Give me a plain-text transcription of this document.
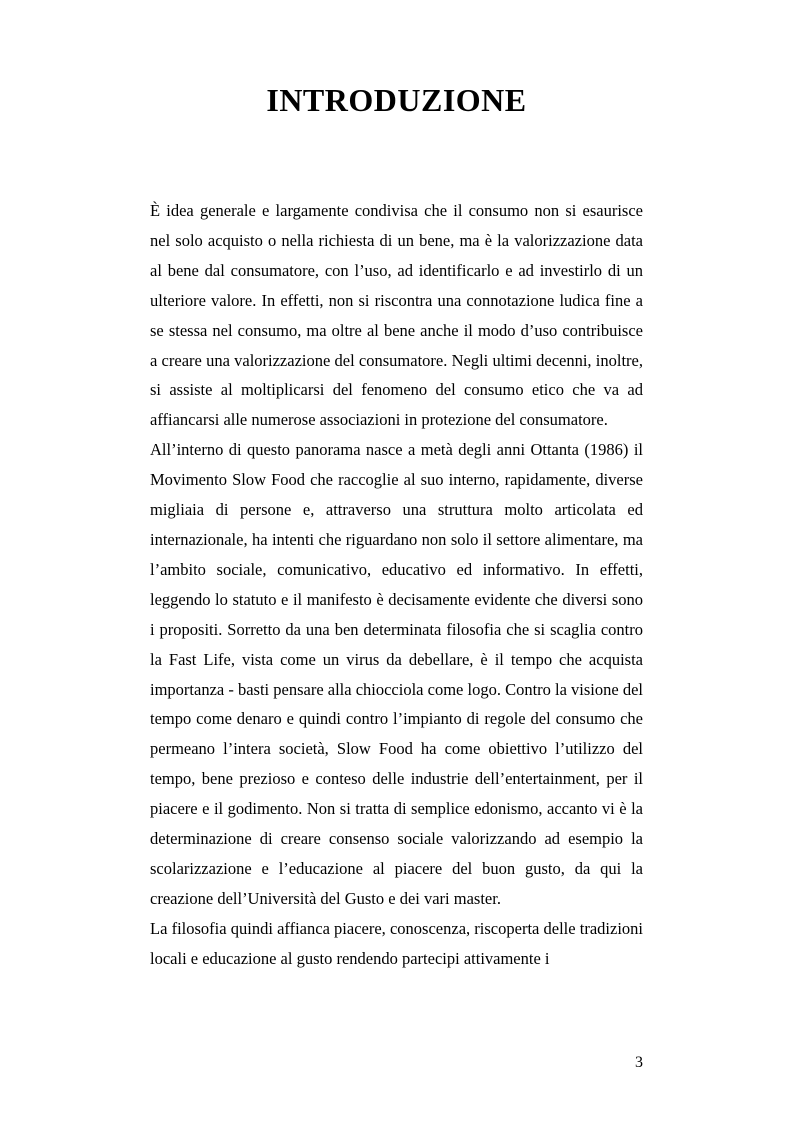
INTRODUZIONE

È idea generale e largamente condivisa che il consumo non si esaurisce nel solo acquisto o nella richiesta di un bene, ma è la valorizzazione data al bene dal consumatore, con l’uso, ad identificarlo e ad investirlo di un ulteriore valore. In effetti, non si riscontra una connotazione ludica fine a se stessa nel consumo, ma oltre al bene anche il modo d’uso contribuisce a creare una valorizzazione del consumatore. Negli ultimi decenni, inoltre, si assiste al moltiplicarsi del fenomeno del consumo etico che va ad affiancarsi alle numerose associazioni in protezione del consumatore.

All’interno di questo panorama nasce a metà degli anni Ottanta (1986) il Movimento Slow Food che raccoglie al suo interno, rapidamente, diverse migliaia di persone e, attraverso una struttura molto articolata ed internazionale, ha intenti che riguardano non solo il settore alimentare, ma l’ambito sociale, comunicativo, educativo ed informativo. In effetti, leggendo lo statuto e il manifesto è decisamente evidente che diversi sono i propositi. Sorretto da una ben determinata filosofia che si scaglia contro la Fast Life, vista come un virus da debellare, è il tempo che acquista importanza - basti pensare alla chiocciola come logo. Contro la visione del tempo come denaro e quindi contro l’impianto di regole del consumo che permeano l’intera società, Slow Food ha come obiettivo l’utilizzo del tempo, bene prezioso e conteso delle industrie dell’entertainment, per il piacere e il godimento. Non si tratta di semplice edonismo, accanto vi è la determinazione di creare consenso sociale valorizzando ad esempio la scolarizzazione e l’educazione al piacere del buon gusto, da qui la creazione dell’Università del Gusto e dei vari master.

La filosofia quindi affianca piacere, conoscenza, riscoperta delle tradizioni locali e educazione al gusto rendendo partecipi attivamente i

3
